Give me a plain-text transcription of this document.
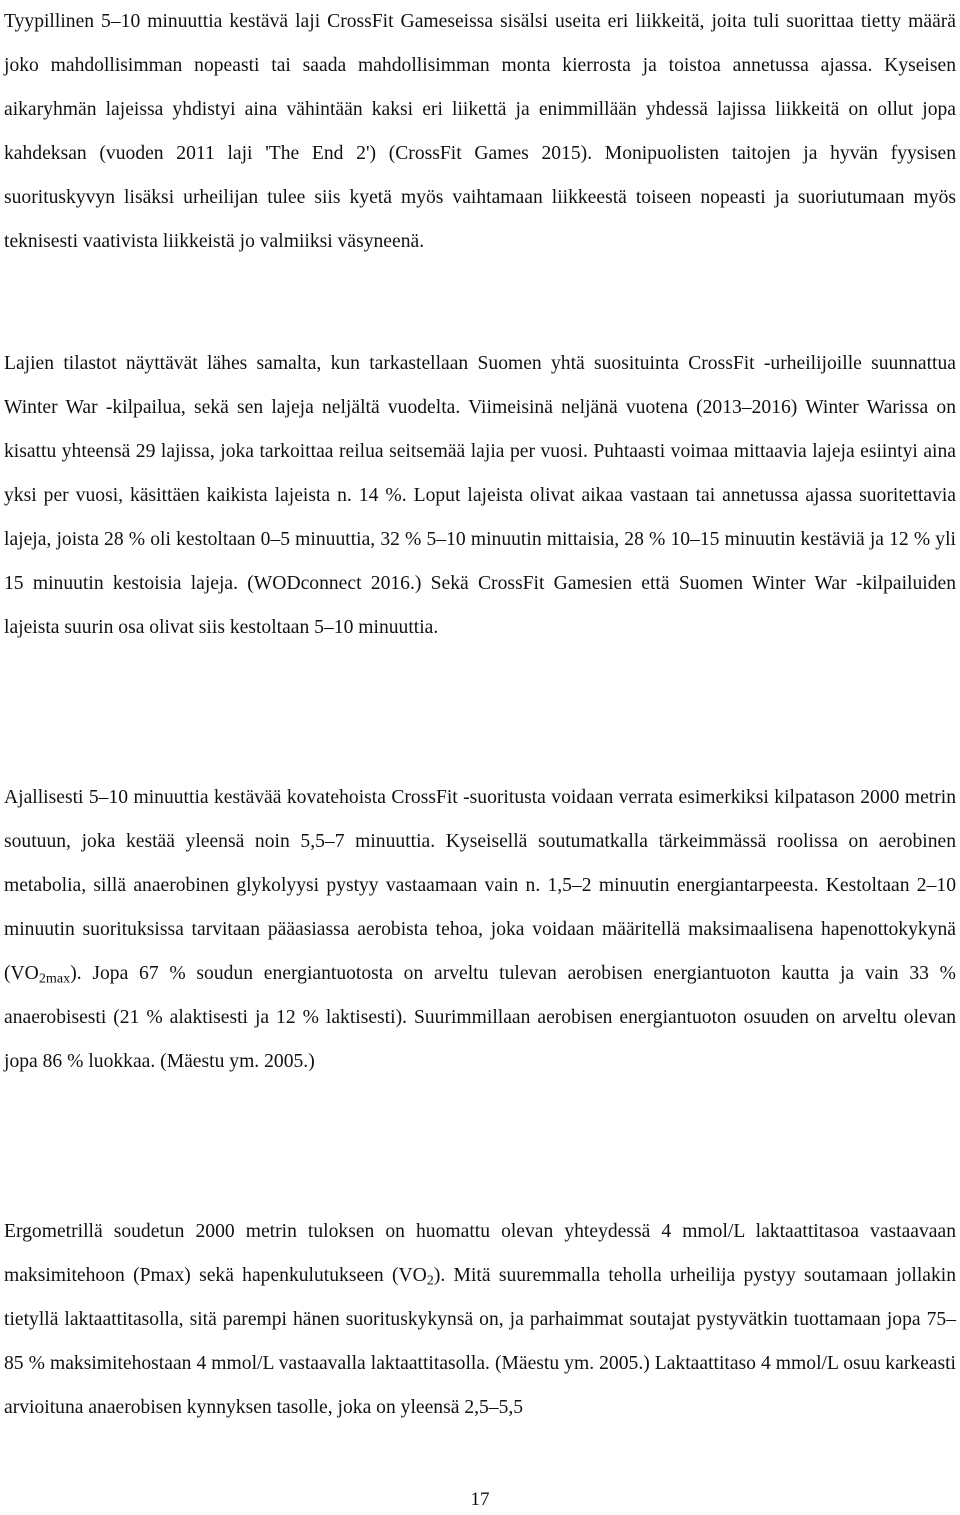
Tyypillinen 5–10 minuuttia kestävä laji CrossFit Gameseissa sisälsi useita eri liikkeitä, joita tuli suorittaa tietty määrä joko mahdollisimman nopeasti tai saada mahdollisimman monta kierrosta ja toistoa annetussa ajassa. Kyseisen aikaryhmän lajeissa yhdistyi aina vähintään kaksi eri liikettä ja enimmillään yhdessä lajissa liikkeitä on ollut jopa kahdeksan (vuoden 2011 laji 'The End 2') (CrossFit Games 2015). Monipuolisten taitojen ja hyvän fyysisen suorituskyvyn lisäksi urheilijan tulee siis kyetä myös vaihtamaan liikkeestä toiseen nopeasti ja suoriutumaan myös teknisesti vaativista liikkeistä jo valmiiksi väsyneenä.

Lajien tilastot näyttävät lähes samalta, kun tarkastellaan Suomen yhtä suosituinta CrossFit -urheilijoille suunnattua Winter War -kilpailua, sekä sen lajeja neljältä vuodelta. Viimeisinä neljänä vuotena (2013–2016) Winter Warissa on kisattu yhteensä 29 lajissa, joka tarkoittaa reilua seitsemää lajia per vuosi. Puhtaasti voimaa mittaavia lajeja esiintyi aina yksi per vuosi, käsittäen kaikista lajeista n. 14 %. Loput lajeista olivat aikaa vastaan tai annetussa ajassa suoritettavia lajeja, joista 28 % oli kestoltaan 0–5 minuuttia, 32 % 5–10 minuutin mittaisia, 28 % 10–15 minuutin kestäviä ja 12 % yli 15 minuutin kestoisia lajeja. (WODconnect 2016.) Sekä CrossFit Gamesien että Suomen Winter War -kilpailuiden lajeista suurin osa olivat siis kestoltaan 5–10 minuuttia.

Ajallisesti 5–10 minuuttia kestävää kovatehoista CrossFit -suoritusta voidaan verrata esimerkiksi kilpatason 2000 metrin soutuun, joka kestää yleensä noin 5,5–7 minuuttia. Kyseisellä soutumatkalla tärkeimmässä roolissa on aerobinen metabolia, sillä anaerobinen glykolyysi pystyy vastaamaan vain n. 1,5–2 minuutin energiantarpeesta. Kestoltaan 2–10 minuutin suorituksissa tarvitaan pääasiassa aerobista tehoa, joka voidaan määritellä maksimaalisena hapenottokykynä $(VO_{2max})$. Jopa 67 % soudun energiantuotosta on arveltu tulevan aerobisen energiantuoton kautta ja vain 33 % anaerobisesti (21 % alaktisesti ja 12 % laktisesti). Suurimmillaan aerobisen energiantuoton osuuden on arveltu olevan jopa 86 % luokkaa. (Mäestu ym. 2005.)

Ergometrillä soudetun 2000 metrin tuloksen on huomattu olevan yhteydessä 4 mmol/L laktaattitasoa vastaavaan maksimitehoon (Pmax) sekä hapenkulutukseen $(VO_2)$. Mitä suuremmalla teholla urheilija pystyy soutamaan jollakin tietyllä laktaattitasolla, sitä parempi hänen suorituskykynsä on, ja parhaimmat soutajat pystyvätkin tuottamaan jopa 75–85 % maksimitehostaan 4 mmol/L vastaavalla laktaattitasolla. (Mäestu ym. 2005.) Laktaattitaso 4 mmol/L osuu karkeasti arvioituna anaerobisen kynnyksen tasolle, joka on yleensä 2,5–5,5

17
